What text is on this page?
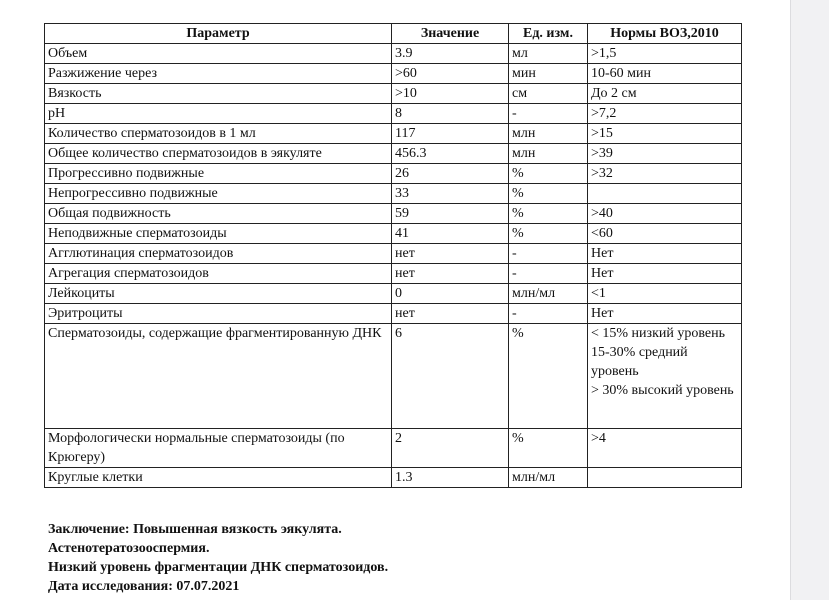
Параметр	Значение	Ед. изм.	Нормы ВОЗ,2010
Объем	3.9	мл	>1,5
Разжижение через	>60	мин	10-60 мин
Вязкость	>10	см	До 2 см
pH	8	-	>7,2
Количество сперматозоидов в 1 мл	117	млн	>15
Общее количество сперматозоидов в эякуляте	456.3	млн	>39
Прогрессивно подвижные	26	%	>32
Непрогрессивно подвижные	33	%	
Общая подвижность	59	%	>40
Неподвижные сперматозоиды	41	%	<60
Агглютинация сперматозоидов	нет	-	Нет
Агрегация сперматозоидов	нет	-	Нет
Лейкоциты	0	млн/мл	<1
Эритроциты	нет	-	Нет
Сперматозоиды, содержащие фрагментированную ДНК	6	%	< 15% низкий уровень
15-30% средний уровень
> 30% высокий уровень
Морфологически нормальные сперматозоиды (по Крюгеру)	2	%	>4
Круглые клетки	1.3	млн/мл	
Заключение: Повышенная вязкость эякулята.
Астенотератозооспермия.
Низкий уровень фрагментации ДНК сперматозоидов.
Дата исследования: 07.07.2021
